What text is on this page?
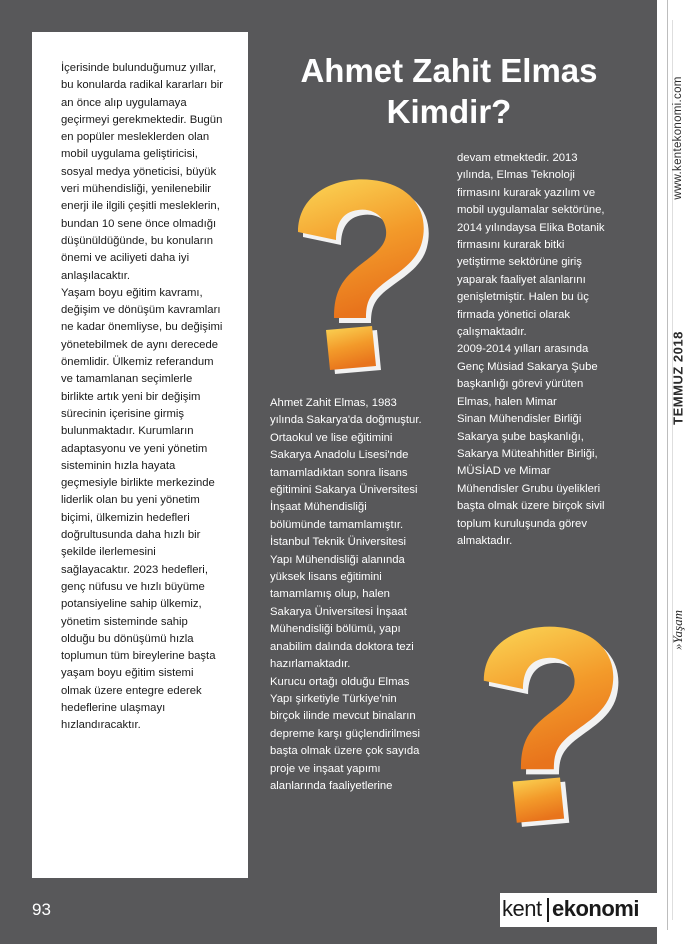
İçerisinde bulunduğumuz yıllar,

bu konularda radikal kararları bir

an önce alıp uygulamaya

geçirmeyi gerekmektedir. Bugün

en popüler mesleklerden olan

mobil uygulama geliştiricisi,

sosyal medya yöneticisi, büyük

veri mühendisliği, yenilenebilir

enerji ile ilgili çeşitli mesleklerin,

bundan 10 sene önce olmadığı

düşünüldüğünde, bu konuların

önemi ve aciliyeti daha iyi

anlaşılacaktır.

Yaşam boyu eğitim kavramı,

değişim ve dönüşüm kavramları

ne kadar önemliyse, bu değişimi

yönetebilmek de aynı derecede

önemlidir. Ülkemiz referandum

ve tamamlanan seçimlerle

birlikte artık yeni bir değişim

sürecinin içerisine girmiş

bulunmaktadır. Kurumların

adaptasyonu ve yeni yönetim

sisteminin hızla hayata

geçmesiyle birlikte merkezinde

liderlik olan bu yeni yönetim

biçimi, ülkemizin hedefleri

doğrultusunda daha hızlı bir

şekilde ilerlemesini

sağlayacaktır. 2023 hedefleri,

genç nüfusu ve hızlı büyüme

potansiyeline sahip ülkemiz,

yönetim sisteminde sahip

olduğu bu dönüşümü hızla

toplumun tüm bireylerine başta

yaşam boyu eğitim sistemi

olmak üzere entegre ederek

hedeflerine ulaşmayı

hızlandıracaktır.

Ahmet Zahit Elmas
Kimdir?

Ahmet Zahit Elmas, 1983

yılında Sakarya'da doğmuştur.

Ortaokul ve lise eğitimini

Sakarya Anadolu Lisesi'nde

tamamladıktan sonra lisans

eğitimini Sakarya Üniversitesi

İnşaat Mühendisliği

bölümünde tamamlamıştır.

İstanbul Teknik Üniversitesi

Yapı Mühendisliği alanında

yüksek lisans eğitimini

tamamlamış olup, halen

Sakarya Üniversitesi İnşaat

Mühendisliği bölümü, yapı

anabilim dalında doktora tezi

hazırlamaktadır.

Kurucu ortağı olduğu Elmas

Yapı şirketiyle Türkiye'nin

birçok ilinde mevcut binaların

depreme karşı güçlendirilmesi

başta olmak üzere çok sayıda

proje ve inşaat yapımı

alanlarında faaliyetlerine

devam etmektedir. 2013

yılında, Elmas Teknoloji

firmasını kurarak yazılım ve

mobil uygulamalar sektörüne,

2014 yılındaysa Elika Botanik

firmasını kurarak bitki

yetiştirme sektörüne giriş

yaparak faaliyet alanlarını

genişletmiştir. Halen bu üç

firmada yönetici olarak

çalışmaktadır.

2009-2014 yılları arasında

Genç Müsiad Sakarya Şube

başkanlığı görevi yürüten

Elmas, halen Mimar

Sinan Mühendisler Birliği

Sakarya şube başkanlığı,

Sakarya Müteahhitler Birliği,

MÜSİAD ve Mimar

Mühendisler Grubu üyelikleri

başta olmak üzere birçok sivil

toplum kuruluşunda görev

almaktadır.

www.kentekonomi.com
TEMMUZ 2018
»Yaşam
93	kent ekonomi
